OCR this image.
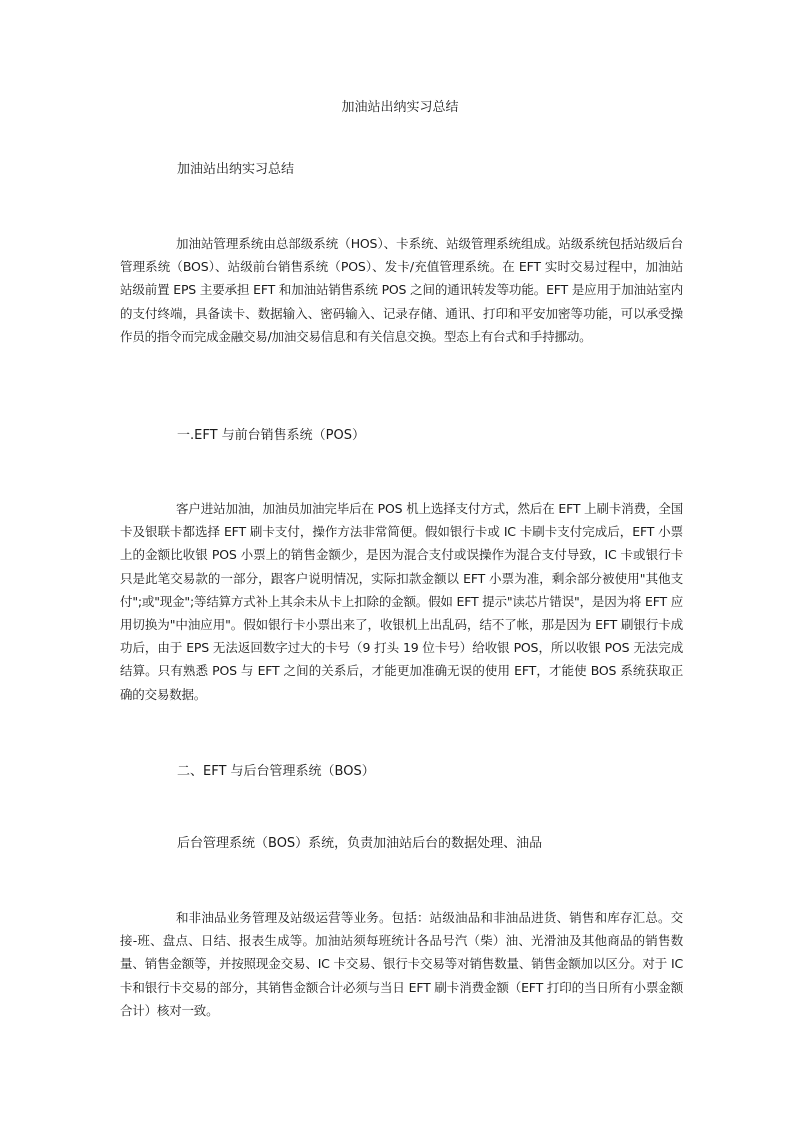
加油站出纳实习总结
加油站出纳实习总结
加油站管理系统由总部级系统（HOS）、卡系统、站级管理系统组成。站级系统包括站级后台管理系统（BOS）、站级前台销售系统（POS）、发卡/充值管理系统。在 EFT 实时交易过程中，加油站站级前置 EPS 主要承担 EFT 和加油站销售系统 POS 之间的通讯转发等功能。EFT 是应用于加油站室内的支付终端，具备读卡、数据输入、密码输入、记录存储、通讯、打印和平安加密等功能，可以承受操作员的指令而完成金融交易/加油交易信息和有关信息交换。型态上有台式和手持挪动。
一.EFT 与前台销售系统（POS）
客户进站加油，加油员加油完毕后在 POS 机上选择支付方式，然后在 EFT 上刷卡消费，全国卡及银联卡都选择 EFT 刷卡支付，操作方法非常简便。假如银行卡或 IC 卡刷卡支付完成后，EFT 小票上的金额比收银 POS 小票上的销售金额少，是因为混合支付或误操作为混合支付导致，IC 卡或银行卡只是此笔交易款的一部分，跟客户说明情况，实际扣款金额以 EFT 小票为准，剩余部分被使用"其他支付";或"现金";等结算方式补上其余未从卡上扣除的金额。假如 EFT 提示"读芯片错误"，是因为将 EFT 应用切换为"中油应用"。假如银行卡小票出来了，收银机上出乱码，结不了帐，那是因为 EFT 刷银行卡成功后，由于 EPS 无法返回数字过大的卡号（9 打头 19 位卡号）给收银 POS，所以收银 POS 无法完成结算。只有熟悉 POS 与 EFT 之间的关系后，才能更加准确无误的使用 EFT，才能使 BOS 系统获取正确的交易数据。
二、EFT 与后台管理系统（BOS）
后台管理系统（BOS）系统，负责加油站后台的数据处理、油品
和非油品业务管理及站级运营等业务。包括：站级油品和非油品进货、销售和库存汇总。交接-班、盘点、日结、报表生成等。加油站须每班统计各品号汽（柴）油、光滑油及其他商品的销售数量、销售金额等，并按照现金交易、IC 卡交易、银行卡交易等对销售数量、销售金额加以区分。对于 IC 卡和银行卡交易的部分，其销售金额合计必须与当日 EFT 刷卡消费金额（EFT 打印的当日所有小票金额合计）核对一致。
